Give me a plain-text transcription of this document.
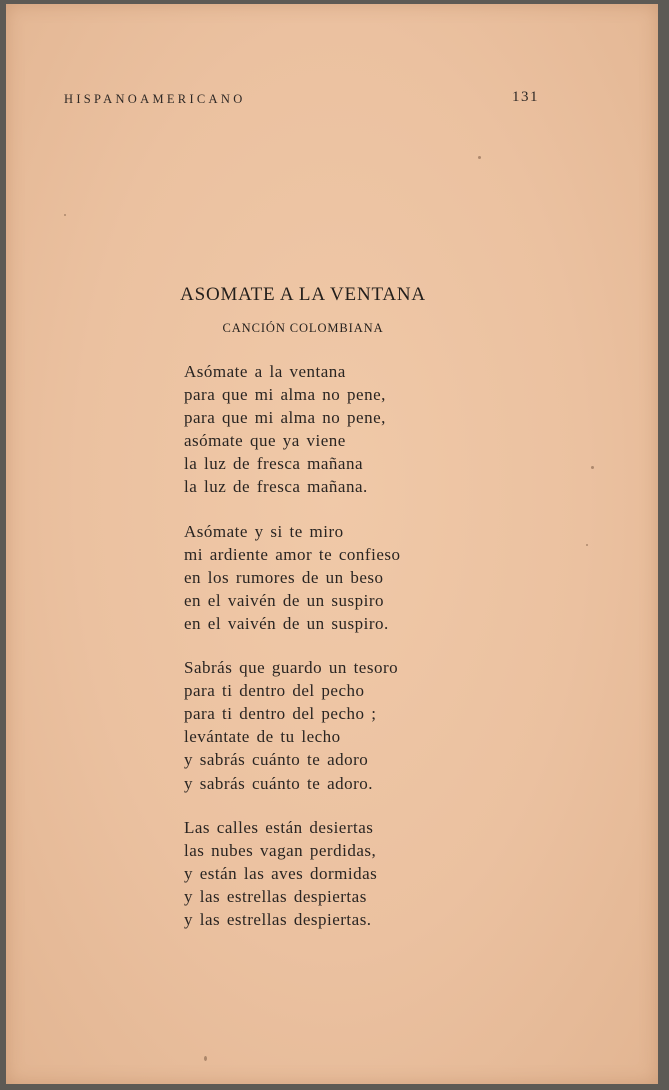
HISPANOAMERICANO	131
ASOMATE A LA VENTANA
CANCIÓN COLOMBIANA
Asómate a la ventana
para que mi alma no pene,
para que mi alma no pene,
asómate que ya viene
la luz de fresca mañana
la luz de fresca mañana.
Asómate y si te miro
mi ardiente amor te confieso
en los rumores de un beso
en el vaivén de un suspiro
en el vaivén de un suspiro.
Sabrás que guardo un tesoro
para ti dentro del pecho
para ti dentro del pecho ;
levántate de tu lecho
y sabrás cuánto te adoro
y sabrás cuánto te adoro.
Las calles están desiertas
las nubes vagan perdidas,
y están las aves dormidas
y las estrellas despiertas
y las estrellas despiertas.
